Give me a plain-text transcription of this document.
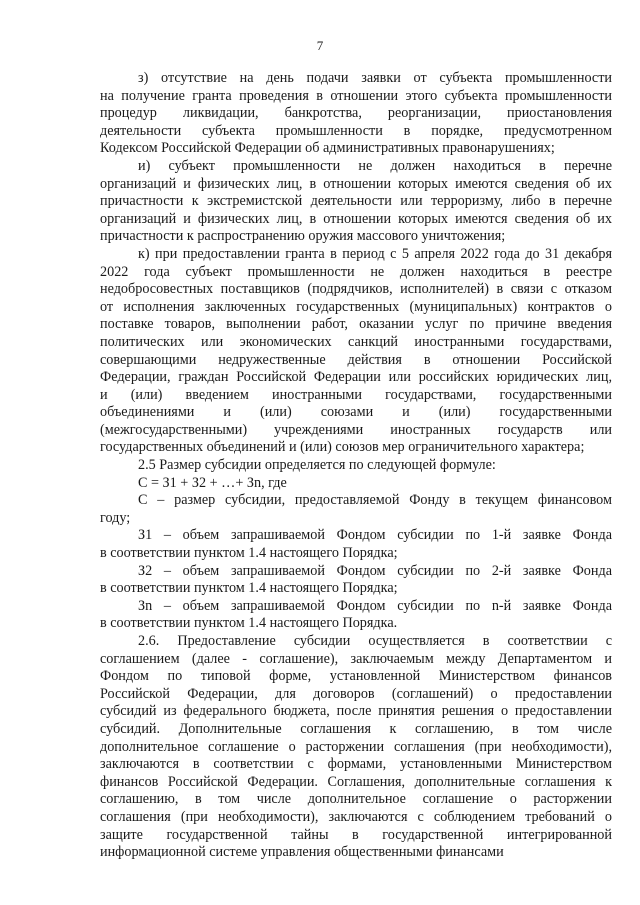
7
з) отсутствие на день подачи заявки от субъекта промышленности
на получение гранта проведения в отношении этого субъекта промышленности
процедур ликвидации, банкротства, реорганизации, приостановления
деятельности субъекта промышленности в порядке, предусмотренном
Кодексом Российской Федерации об административных правонарушениях;
и) субъект промышленности не должен находиться в перечне
организаций и физических лиц, в отношении которых имеются сведения об их
причастности к экстремистской деятельности или терроризму, либо в перечне
организаций и физических лиц, в отношении которых имеются сведения об их
причастности к распространению оружия массового уничтожения;
к) при предоставлении гранта в период с 5 апреля 2022 года до 31 декабря
2022 года субъект промышленности не должен находиться в реестре
недобросовестных поставщиков (подрядчиков, исполнителей) в связи с отказом
от исполнения заключенных государственных (муниципальных) контрактов о
поставке товаров, выполнении работ, оказании услуг по причине введения
политических или экономических санкций иностранными государствами,
совершающими недружественные действия в отношении Российской
Федерации, граждан Российской Федерации или российских юридических лиц,
и (или) введением иностранными государствами, государственными
объединениями и (или) союзами и (или) государственными
(межгосударственными) учреждениями иностранных государств или
государственных объединений и (или) союзов мер ограничительного характера;
2.5 Размер субсидии определяется по следующей формуле:
С = З1 + З2 + …+ Зn, где
С – размер субсидии, предоставляемой Фонду в текущем финансовом
году;
З1 – объем запрашиваемой Фондом субсидии по 1-й заявке Фонда
в соответствии пунктом 1.4 настоящего Порядка;
З2 – объем запрашиваемой Фондом субсидии по 2-й заявке Фонда
в соответствии пунктом 1.4 настоящего Порядка;
Зn – объем запрашиваемой Фондом субсидии по n-й заявке Фонда
в соответствии пунктом 1.4 настоящего Порядка.
2.6. Предоставление субсидии осуществляется в соответствии с
соглашением (далее - соглашение), заключаемым между Департаментом и
Фондом по типовой форме, установленной Министерством финансов
Российской Федерации, для договоров (соглашений) о предоставлении
субсидий из федерального бюджета, после принятия решения о предоставлении
субсидий. Дополнительные соглашения к соглашению, в том числе
дополнительное соглашение о расторжении соглашения (при необходимости),
заключаются в соответствии с формами, установленными Министерством
финансов Российской Федерации. Соглашения, дополнительные соглашения к
соглашению, в том числе дополнительное соглашение о расторжении
соглашения (при необходимости), заключаются с соблюдением требований о
защите государственной тайны в государственной интегрированной
информационной системе управления общественными финансами
